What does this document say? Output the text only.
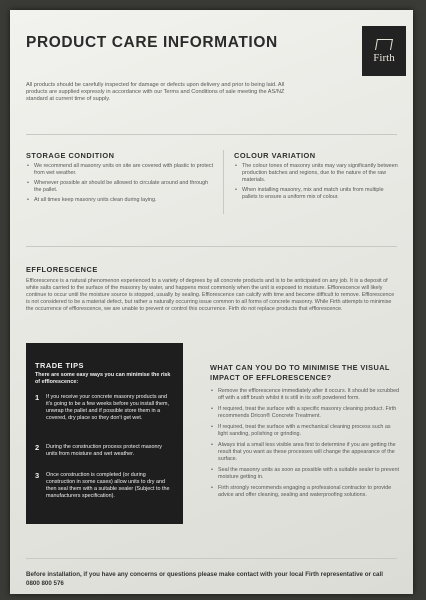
PRODUCT CARE INFORMATION
Firth
All products should be carefully inspected for damage or defects upon delivery and prior to being laid. All products are supplied expressly in accordance with our Terms and Conditions of sale meeting the AS/NZ standard at current time of supply.
STORAGE CONDITION
• We recommend all masonry units on site are covered with plastic to protect from wet weather.
• Whenever possible air should be allowed to circulate around and through the pallet.
• At all times keep masonry units clean during laying.
COLOUR VARIATION
• The colour tones of masonry units may vary significantly between production batches and regions, due to the nature of the raw materials.
• When installing masonry, mix and match units from multiple pallets to ensure a uniform mix of colour.
EFFLORESCENCE
Efflorescence is a natural phenomenon experienced to a variety of degrees by all concrete products and is to be anticipated on any job. It is a deposit of white salts carried to the surface of the masonry by water, and happens most commonly when the unit is exposed to moisture. Efflorescence will likely continue to occur until the moisture source is stopped, usually by sealing. Efflorescence can calcify with time and become difficult to remove. Efflorescence is not considered to be a material defect, but rather a naturally occurring issue common to all forms of concrete masonry. While Firth attempts to minimise the occurrence of efflorescence, we are unable to prevent or control this occurrence. Firth do not replace products that efflorescence.
TRADE TIPS
There are some easy ways you can minimise the risk of efflorescence:
1 If you receive your concrete masonry products and it's going to be a few weeks before you install them, unwrap the pallet and if possible store them in a covered, dry place so they don't get wet.
2 During the construction process protect masonry units from moisture and wet weather.
3 Once construction is completed (or during construction in some cases) allow units to dry and then seal them with a suitable sealer (Subject to the manufacturers specification).
WHAT CAN YOU DO TO MINIMISE THE VISUAL IMPACT OF EFFLORESCENCE?
• Remove the efflorescence immediately after it occurs. It should be scrubbed off with a stiff brush whilst it is still in its soft powdered form.
• If required, treat the surface with a specific masonry cleaning product. Firth recommends Dricon® Concrete Treatment.
• If required, treat the surface with a mechanical cleaning process such as light sanding, polishing or grinding.
• Always trial a small less visible area first to determine if you are getting the result that you want as these processes will change the appearance of the surface.
• Seal the masonry units as soon as possible with a suitable sealer to prevent moisture getting in.
• Firth strongly recommends engaging a professional contractor to provide advice and offer cleaning, sealing and waterproofing solutions.
Before installation, if you have any concerns or questions please make contact with your local Firth representative or call 0800 800 576
